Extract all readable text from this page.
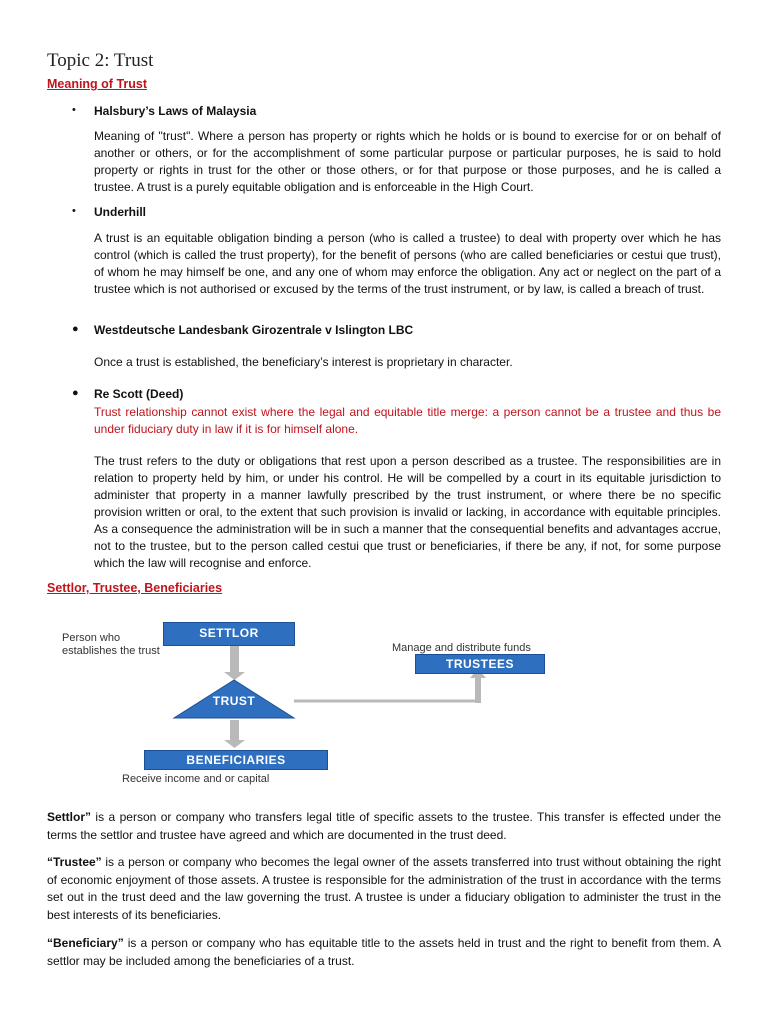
Topic 2: Trust
Meaning of Trust
• Halsbury’s Laws of Malaysia
Meaning of "trust". Where a person has property or rights which he holds or is bound to exercise for or on behalf of another or others, or for the accomplishment of some particular purpose or particular purposes, he is said to hold property or rights in trust for the other or those others, or for that purpose or those purposes, and he is called a trustee. A trust is a purely equitable obligation and is enforceable in the High Court.
• Underhill
A trust is an equitable obligation binding a person (who is called a trustee) to deal with property over which he has control (which is called the trust property), for the benefit of persons (who are called beneficiaries or cestui que trust), of whom he may himself be one, and any one of whom may enforce the obligation. Any act or neglect on the part of a trustee which is not authorised or excused by the terms of the trust instrument, or by law, is called a breach of trust.
● Westdeutsche Landesbank Girozentrale v Islington LBC
Once a trust is established, the beneficiary’s interest is proprietary in character.
● Re Scott (Deed)
Trust relationship cannot exist where the legal and equitable title merge: a person cannot be a trustee and thus be under fiduciary duty in law if it is for himself alone.
The trust refers to the duty or obligations that rest upon a person described as a trustee. The responsibilities are in relation to property held by him, or under his control. He will be compelled by a court in its equitable jurisdiction to administer that property in a manner lawfully prescribed by the trust instrument, or where there be no specific provision written or oral, to the extent that such provision is invalid or lacking, in accordance with equitable principles. As a consequence the administration will be in such a manner that the consequential benefits and advantages accrue, not to the trustee, but to the person called cestui que trust or beneficiaries, if there be any, if not, for some purpose which the law will recognise and enforce.
Settlor, Trustee, Beneficiaries
SETTLOR
Person who
establishes the trust
TRUST
Manage and distribute funds
TRUSTEES
BENEFICIARIES
Receive income and or capital
Settlor” is a person or company who transfers legal title of specific assets to the trustee. This transfer is effected under the terms the settlor and trustee have agreed and which are documented in the trust deed.
“Trustee” is a person or company who becomes the legal owner of the assets transferred into trust without obtaining the right of economic enjoyment of those assets. A trustee is responsible for the administration of the trust in accordance with the terms set out in the trust deed and the law governing the trust. A trustee is under a fiduciary obligation to administer the trust in the best interests of its beneficiaries.
“Beneficiary” is a person or company who has equitable title to the assets held in trust and the right to benefit from them. A settlor may be included among the beneficiaries of a trust.
